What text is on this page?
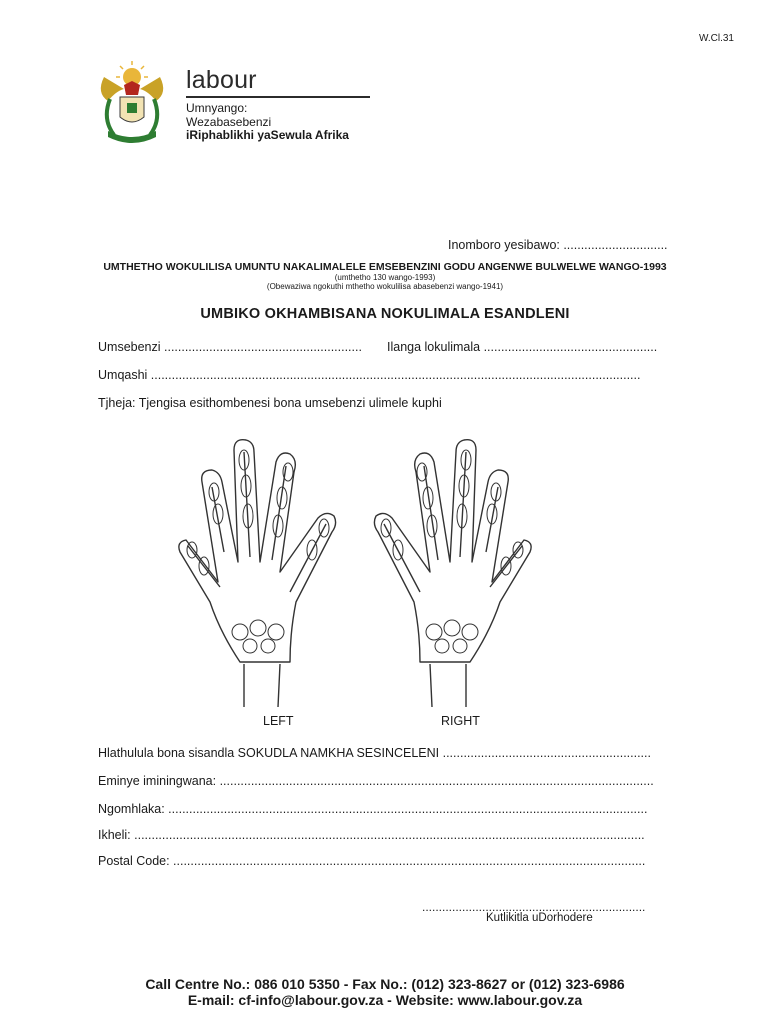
W.Cl.31
labour
Umnyango:
Wezabasebenzi
iRiphablikhi yaSewula Afrika
Inomboro yesibawo: ..............................
UMTHETHO WOKULILISA UMUNTU NAKALIMALELE EMSEBENZINI GODU ANGENWE BULWELWE WANGO-1993
(umthetho 130 wango-1993)
(Obewaziwa ngokuthi mthetho wokulilisa abasebenzi wango-1941)
UMBIKO OKHAMBISANA NOKULIMALA ESANDLENI
Umsebenzi ......................................................... Ilanga lokulimala ..................................................
Umqashi .............................................................................................................................................
Tjheja: Tjengisa esithombenesi bona umsebenzi ulimele kuphi
LEFT	RIGHT
Hlathulula bona sisandla SOKUDLA NAMKHA SESINCELENI ............................................................
Eminye iminingwana: .............................................................................................................................
Ngomhlaka: ..........................................................................................................................................
Ikheli: ...................................................................................................................................................
Postal Code: ........................................................................................................................................
...................................................................
Kutlikitla uDorhodere
Call Centre No.: 086 010 5350 - Fax No.: (012) 323-8627 or (012) 323-6986
E-mail: cf-info@labour.gov.za - Website: www.labour.gov.za
